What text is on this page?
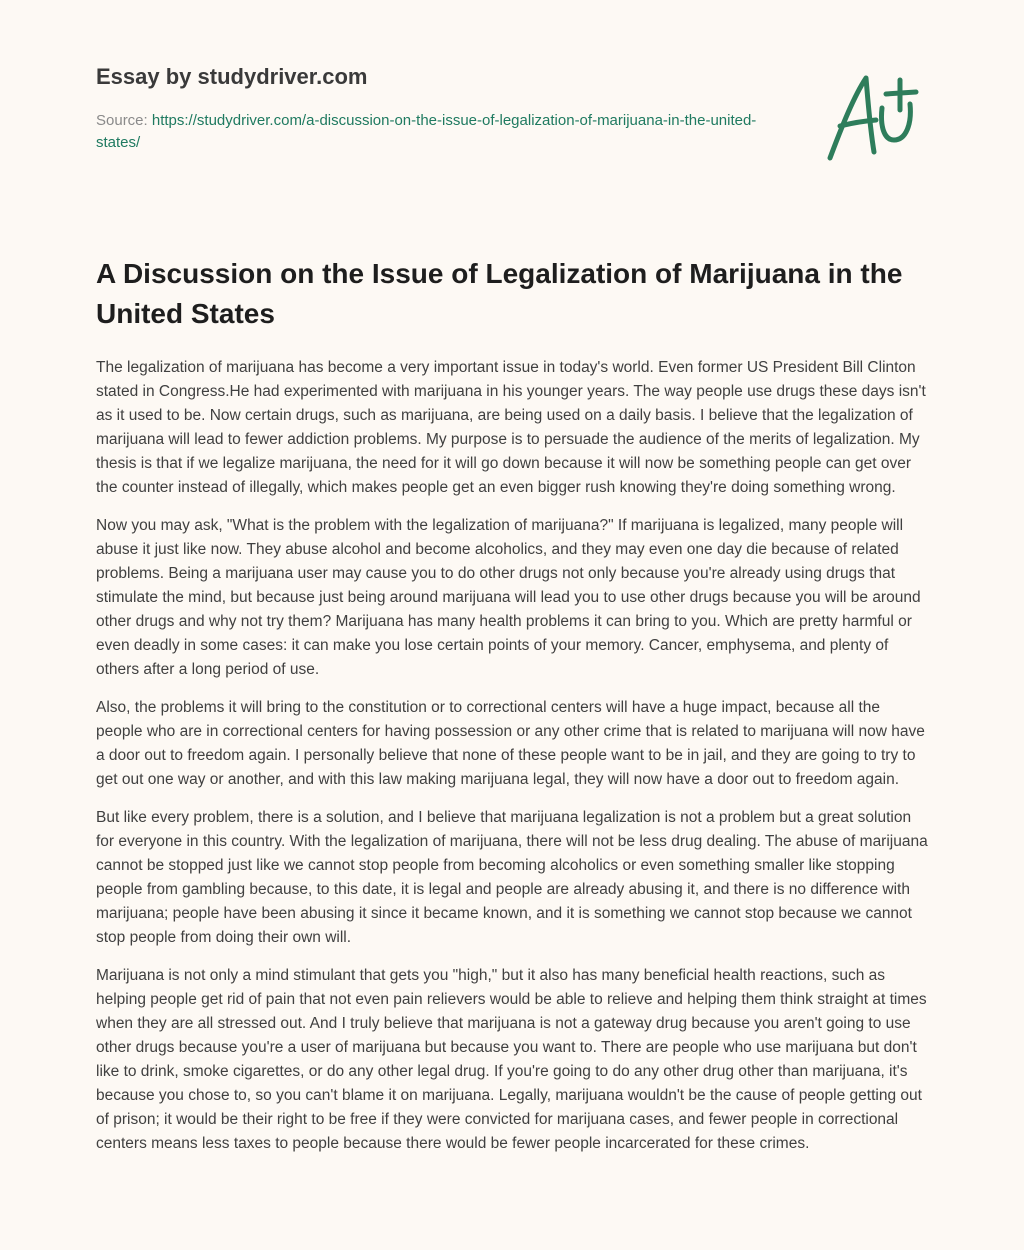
Essay by studydriver.com
Source: https://studydriver.com/a-discussion-on-the-issue-of-legalization-of-marijuana-in-the-united-states/
A Discussion on the Issue of Legalization of Marijuana in the United States

The legalization of marijuana has become a very important issue in today's world. Even former US President Bill Clinton stated in Congress.He had experimented with marijuana in his younger years. The way people use drugs these days isn't as it used to be. Now certain drugs, such as marijuana, are being used on a daily basis. I believe that the legalization of marijuana will lead to fewer addiction problems. My purpose is to persuade the audience of the merits of legalization. My thesis is that if we legalize marijuana, the need for it will go down because it will now be something people can get over the counter instead of illegally, which makes people get an even bigger rush knowing they're doing something wrong.

Now you may ask, "What is the problem with the legalization of marijuana?" If marijuana is legalized, many people will abuse it just like now. They abuse alcohol and become alcoholics, and they may even one day die because of related problems. Being a marijuana user may cause you to do other drugs not only because you're already using drugs that stimulate the mind, but because just being around marijuana will lead you to use other drugs because you will be around other drugs and why not try them? Marijuana has many health problems it can bring to you. Which are pretty harmful or even deadly in some cases: it can make you lose certain points of your memory. Cancer, emphysema, and plenty of others after a long period of use.

Also, the problems it will bring to the constitution or to correctional centers will have a huge impact, because all the people who are in correctional centers for having possession or any other crime that is related to marijuana will now have a door out to freedom again. I personally believe that none of these people want to be in jail, and they are going to try to get out one way or another, and with this law making marijuana legal, they will now have a door out to freedom again.

But like every problem, there is a solution, and I believe that marijuana legalization is not a problem but a great solution for everyone in this country. With the legalization of marijuana, there will not be less drug dealing. The abuse of marijuana cannot be stopped just like we cannot stop people from becoming alcoholics or even something smaller like stopping people from gambling because, to this date, it is legal and people are already abusing it, and there is no difference with marijuana; people have been abusing it since it became known, and it is something we cannot stop because we cannot stop people from doing their own will.

Marijuana is not only a mind stimulant that gets you "high," but it also has many beneficial health reactions, such as helping people get rid of pain that not even pain relievers would be able to relieve and helping them think straight at times when they are all stressed out. And I truly believe that marijuana is not a gateway drug because you aren't going to use other drugs because you're a user of marijuana but because you want to. There are people who use marijuana but don't like to drink, smoke cigarettes, or do any other legal drug. If you're going to do any other drug other than marijuana, it's because you chose to, so you can't blame it on marijuana. Legally, marijuana wouldn't be the cause of people getting out of prison; it would be their right to be free if they were convicted for marijuana cases, and fewer people in correctional centers means less taxes to people because there would be fewer people incarcerated for these crimes.
